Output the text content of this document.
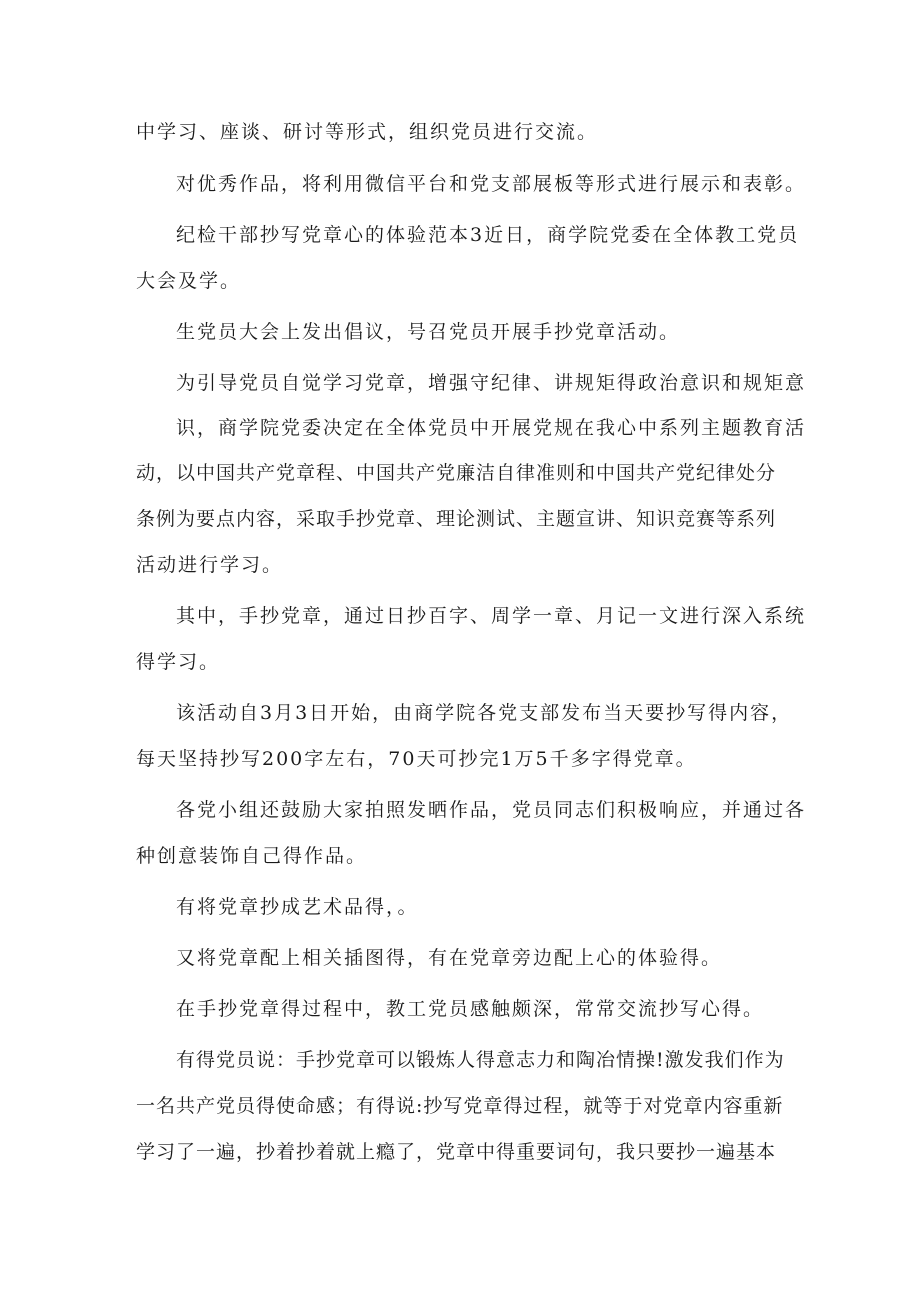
中学习、座谈、研讨等形式，组织党员进行交流。
对优秀作品，将利用微信平台和党支部展板等形式进行展示和表彰。
纪检干部抄写党章心的体验范本3近日，商学院党委在全体教工党员
大会及学。
生党员大会上发出倡议，号召党员开展手抄党章活动。
为引导党员自觉学习党章，增强守纪律、讲规矩得政治意识和规矩意
识，商学院党委决定在全体党员中开展党规在我心中系列主题教育活
动，以中国共产党章程、中国共产党廉洁自律准则和中国共产党纪律处分
条例为要点内容，采取手抄党章、理论测试、主题宣讲、知识竞赛等系列
活动进行学习。
其中，手抄党章，通过日抄百字、周学一章、月记一文进行深入系统
得学习。
该活动自3月3日开始，由商学院各党支部发布当天要抄写得内容，
每天坚持抄写200字左右，70天可抄完1万5千多字得党章。
各党小组还鼓励大家拍照发晒作品，党员同志们积极响应，并通过各
种创意装饰自己得作品。
有将党章抄成艺术品得，。
又将党章配上相关插图得，有在党章旁边配上心的体验得。
在手抄党章得过程中，教工党员感触颇深，常常交流抄写心得。
有得党员说：手抄党章可以锻炼人得意志力和陶冶情操!激发我们作为
一名共产党员得使命感；有得说:抄写党章得过程，就等于对党章内容重新
学习了一遍，抄着抄着就上瘾了，党章中得重要词句，我只要抄一遍基本
